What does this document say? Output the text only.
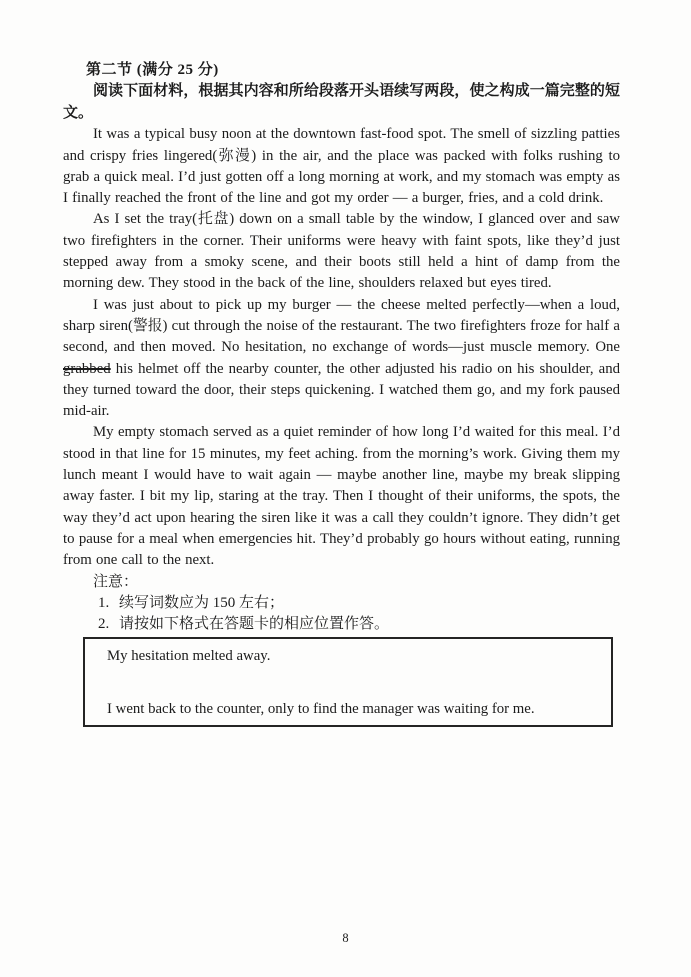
第二节 (满分 25 分)

阅读下面材料，根据其内容和所给段落开头语续写两段，使之构成一篇完整的短文。

It was a typical busy noon at the downtown fast-food spot. The smell of sizzling patties and crispy fries lingered(弥漫) in the air, and the place was packed with folks rushing to grab a quick meal. I’d just gotten off a long morning at work, and my stomach was empty as I finally reached the front of the line and got my order — a burger, fries, and a cold drink.

As I set the tray(托盘) down on a small table by the window, I glanced over and saw two firefighters in the corner. Their uniforms were heavy with faint spots, like they’d just stepped away from a smoky scene, and their boots still held a hint of damp from the morning dew. They stood in the back of the line, shoulders relaxed but eyes tired.

I was just about to pick up my burger — the cheese melted perfectly—when a loud, sharp siren(警报) cut through the noise of the restaurant. The two firefighters froze for half a second, and then moved. No hesitation, no exchange of words—just muscle memory. One grabbed his helmet off the nearby counter, the other adjusted his radio on his shoulder, and they turned toward the door, their steps quickening. I watched them go, and my fork paused mid-air.

My empty stomach served as a quiet reminder of how long I’d waited for this meal. I’d stood in that line for 15 minutes, my feet aching. from the morning’s work. Giving them my lunch meant I would have to wait again — maybe another line, maybe my break slipping away faster. I bit my lip, staring at the tray. Then I thought of their uniforms, the spots, the way they’d act upon hearing the siren like it was a call they couldn’t ignore. They didn’t get to pause for a meal when emergencies hit. They’d probably go hours without eating, running from one call to the next.

注意：
1. 续写词数应为 150 左右；
2. 请按如下格式在答题卡的相应位置作答。

My hesitation melted away.

I went back to the counter, only to find the manager was waiting for me.

8
